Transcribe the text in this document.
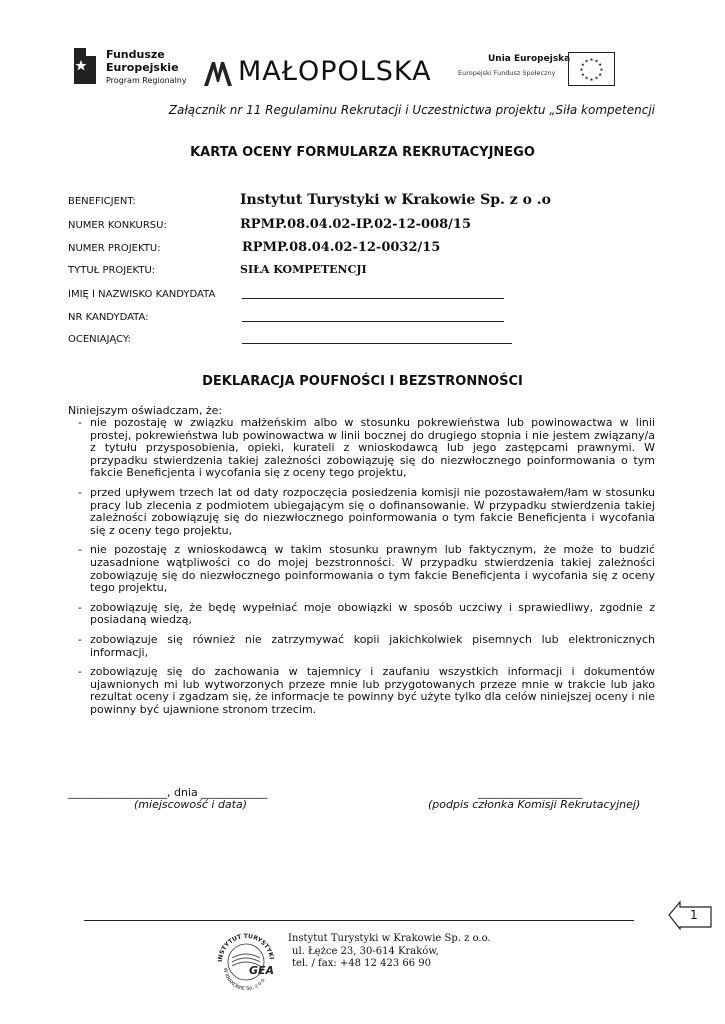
Fundusze
Europejskie
Program Regionalny MAŁOPOLSKA	Unia Europejska
Europejski Fundusz Społeczny	★
★
★
★
★
★
★
★
★ ★ ★
★
Załącznik nr 11 Regulaminu Rekrutacji i Uczestnictwa projektu „Siła kompetencji
KARTA OCENY FORMULARZA REKRUTACYJNEGO
BENEFICJENT:	Instytut Turystyki w Krakowie Sp. z o .o
NUMER KONKURSU:	RPMP.08.04.02-IP.02-12-008/15
NUMER PROJEKTU:	RPMP.08.04.02-12-0032/15
TYTUŁ PROJEKTU:	SIŁA KOMPETENCJI
IMIĘ I NAZWISKO KANDYDATA
NR KANDYDATA:
OCENIAJĄCY:
DEKLARACJA POUFNOŚCI I BEZSTRONNOŚCI
Niniejszym oświadczam, że:
- nie pozostaję w związku małżeńskim albo w stosunku pokrewieństwa lub powinowactwa w linii prostej, pokrewieństwa lub powinowactwa w linii bocznej do drugiego stopnia i nie jestem związany/a z tytułu przysposobienia, opieki, kurateli z wnioskodawcą lub jego zastępcami prawnymi. W przypadku stwierdzenia takiej zależności zobowiązuję się do niezwłocznego poinformowania o tym fakcie Beneficjenta i wycofania się z oceny tego projektu,
- przed upływem trzech lat od daty rozpoczęcia posiedzenia komisji nie pozostawałem/łam w stosunku pracy lub zlecenia z podmiotem ubiegającym się o dofinansowanie. W przypadku stwierdzenia takiej zależności zobowiązuję się do niezwłocznego poinformowania o tym fakcie Beneficjenta i wycofania się z oceny tego projektu,
- nie pozostaję z wnioskodawcą w takim stosunku prawnym lub faktycznym, że może to budzić uzasadnione wątpliwości co do mojej bezstronności. W przypadku stwierdzenia takiej zależności zobowiązuję się do niezwłocznego poinformowania o tym fakcie Beneficjenta i wycofania się z oceny tego projektu,
- zobowiązuję się, że będę wypełniać moje obowiązki w sposób uczciwy i sprawiedliwy, zgodnie z posiadaną wiedzą,
- zobowiązuje się również nie zatrzymywać kopii jakichkolwiek pisemnych lub elektronicznych informacji,
- zobowiązuję się do zachowania w tajemnicy i zaufaniu wszystkich informacji i dokumentów ujawnionych mi lub wytworzonych przeze mnie lub przygotowanych przeze mnie w trakcie lub jako rezultat oceny i zgadzam się, że informacje te powinny być użyte tylko dla celów niniejszej oceny i nie powinny być ujawnione stronom trzecim.
__________________, dnia ____________
(miejscowość i data)
___________________
(podpis członka Komisji Rekrutacyjnej)
1
INSTYTUT TURYSTYKI
W KRAKOWIE Sp. z o.o.
GEA
Instytut Turystyki w Krakowie Sp. z o.o.
ul. Łężce 23, 30-614 Kraków,
tel. / fax: +48 12 423 66 90
